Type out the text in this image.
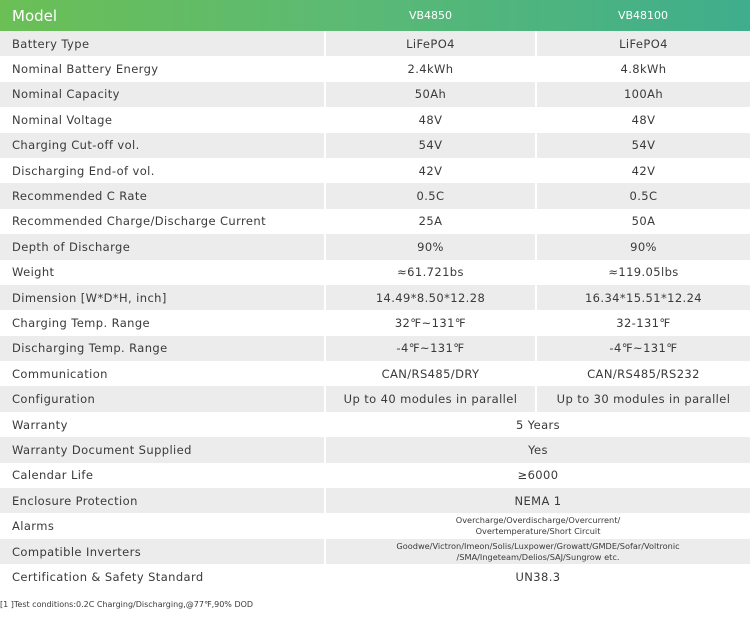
Model	VB4850	VB48100
Battery Type	LiFePO4	LiFePO4
Nominal Battery Energy	2.4kWh	4.8kWh
Nominal Capacity	50Ah	100Ah
Nominal Voltage	48V	48V
Charging Cut-off vol.	54V	54V
Discharging End-of vol.	42V	42V
Recommended C Rate	0.5C	0.5C
Recommended Charge/Discharge Current	25A	50A
Depth of Discharge	90%	90%
Weight	≈61.721bs	≈119.05lbs
Dimension [W*D*H, inch]	14.49*8.50*12.28	16.34*15.51*12.24
Charging Temp. Range	32℉~131℉	32-131℉
Discharging Temp. Range	-4℉~131℉	-4℉~131℉
Communication	CAN/RS485/DRY	CAN/RS485/RS232
Configuration	Up to 40 modules in parallel	Up to 30 modules in parallel
Warranty	5 Years	
Warranty Document Supplied	Yes	
Calendar Life	≥6000	
Enclosure Protection	NEMA 1	
Alarms	Overcharge/Overdischarge/Overcurrent/
Overtemperature/Short Circuit	

Compatible Inverters	Goodwe/Victron/Imeon/Solis/Luxpower/Growatt/GMDE/Sofar/Voltronic
/SMA/Ingeteam/Delios/SAJ/Sungrow etc.	

Certification & Safety Standard	UN38.3	
[1 ]Test conditions:0.2C Charging/Discharging,@77℉,90% DOD
